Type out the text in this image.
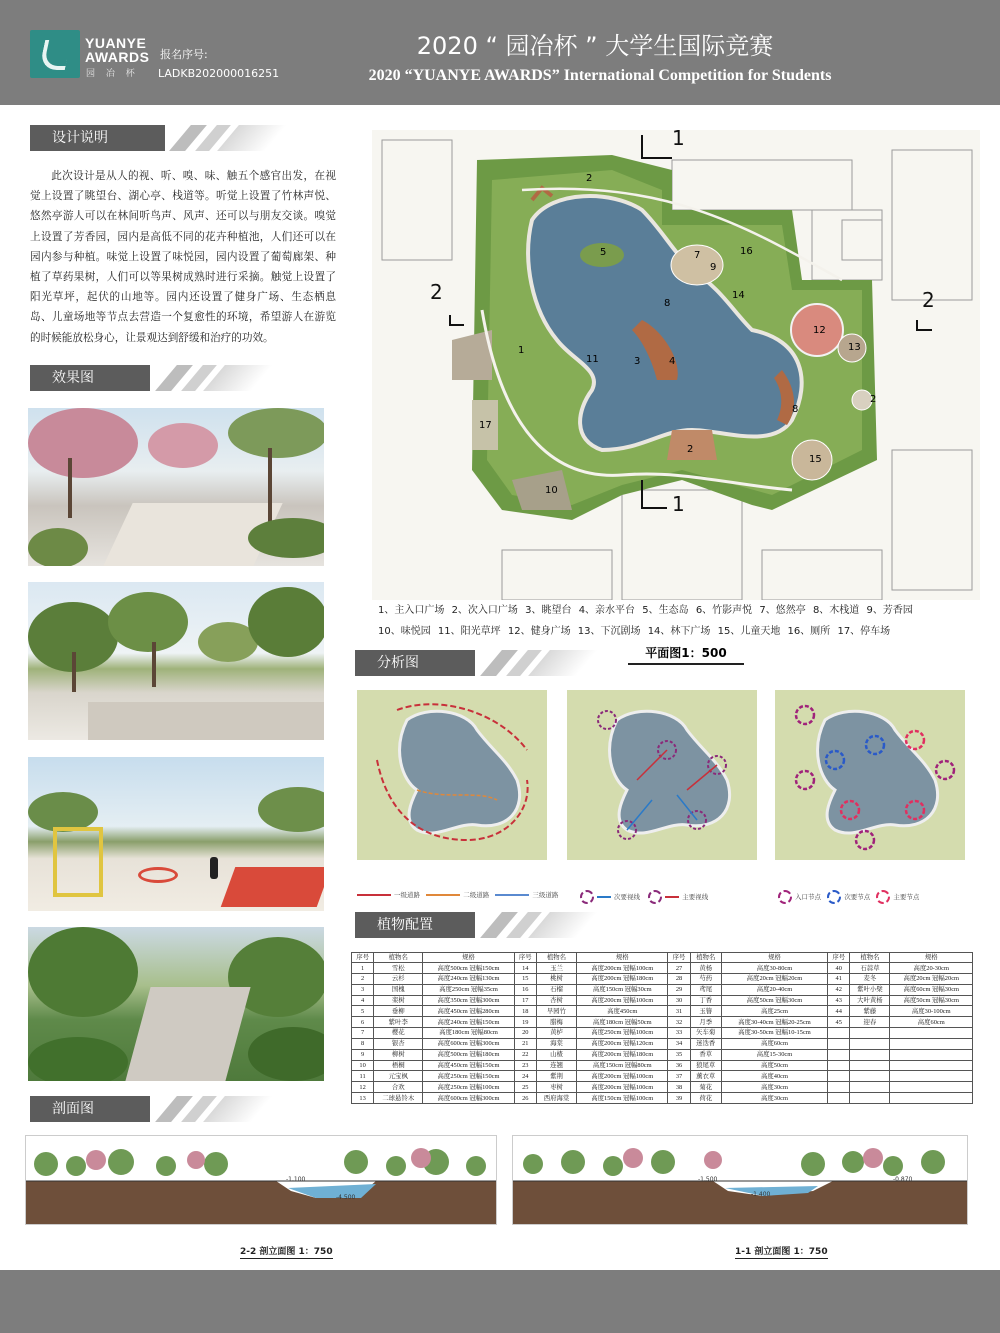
YUANYE
AWARDS
园 冶 杯
报名序号:
LADKB202000016251
2020 “ 园冶杯 ” 大学生国际竞赛
2020 “YUANYE AWARDS” International Competition for Students
设计说明
此次设计是从人的视、听、嗅、味、触五个感官出发，在视觉上设置了眺望台、湖心亭、栈道等。听觉上设置了竹林声悦、悠然亭游人可以在林间听鸟声、风声、还可以与朋友交谈。嗅觉上设置了芳香园，园内是高低不同的花卉种植池，人们还可以在园内参与种植。味觉上设置了味悦园，园内设置了葡萄廊架、种植了草药果树，人们可以等果树成熟时进行采摘。触觉上设置了阳光草坪，起伏的山地等。园内还设置了健身广场、生态栖息岛、儿童场地等节点去营造一个复愈性的环境，希望游人在游览的时候能放松身心，让景观达到舒缓和治疗的功效。
效果图
1
2	2
1
1
2
2
2
3	4
5	7
8
8
9
10
11
12
13
14
15
16
17
1、主入口广场 2、次入口广场 3、眺望台 4、亲水平台 5、生态岛 6、竹影声悦 7、悠然亭 8、木栈道 9、芳香园
10、味悦园 11、阳光草坪 12、健身广场 13、下沉剧场 14、林下广场 15、儿童天地 16、厕所 17、停车场
平面图1：500
分析图
一级道路	二级道路	三级道路	次要视线	主要视线	入口节点	次要节点	主要节点
植物配置
序号	植物名	规格	序号	植物名	规格	序号	植物名	规格	序号	植物名	规格
1	雪松	高度500cm 冠幅150cm	14	玉兰	高度200cm 冠幅100cm	27	黄杨	高度30-80cm	40	石蒜草	高度20-30cm
2	云杉	高度240cm 冠幅130cm	15	桃树	高度200cm 冠幅180cm	28	芍药	高度20cm 冠幅20cm	41	麦冬	高度20cm 冠幅20cm
3	国槐	高度250cm 冠幅35cm	16	石榴	高度150cm 冠幅30cm	29	鸢尾	高度20-40cm	42	紫叶小檗	高度60cm 冠幅30cm
4	栾树	高度350cm 冠幅300cm	17	杏树	高度200cm 冠幅100cm	30	丁香	高度50cm 冠幅30cm	43	大叶黄杨	高度50cm 冠幅30cm
5	垂柳	高度450cm 冠幅280cm	18	早园竹	高度450cm	31	玉簪	高度25cm	44	紫藤	高度30-100cm
6	紫叶李	高度240cm 冠幅150cm	19	腊梅	高度180cm 冠幅50cm	32	月季	高度30-40cm 冠幅20-25cm	45	迎春	高度60cm
7	樱花	高度180cm 冠幅80cm	20	黄栌	高度250cm 冠幅100cm	33	矢车菊	高度30-50cm 冠幅10-15cm			
8	银杏	高度600cm 冠幅300cm	21	海棠	高度200cm 冠幅120cm	34	迷迭香	高度60cm			
9	柳树	高度500cm 冠幅180cm	22	山楂	高度200cm 冠幅180cm	35	香草	高度15-30cm			
10	梧桐	高度450cm 冠幅150cm	23	连翘	高度150cm 冠幅80cm	36	狼尾草	高度50cm			
11	元宝枫	高度250cm 冠幅150cm	24	紫荆	高度200cm 冠幅100cm	37	薰衣草	高度40cm			
12	合欢	高度250cm 冠幅100cm	25	枣树	高度200cm 冠幅100cm	38	菊花	高度30cm			
13	二球悬铃木	高度600cm 冠幅300cm	26	西府海棠	高度150cm 冠幅100cm	39	荷花	高度30cm			
剖面图
-1.100
-4.500
-1.500
-1.400
-0.870
2-2 剖立面图 1：750	1-1 剖立面图 1：750
